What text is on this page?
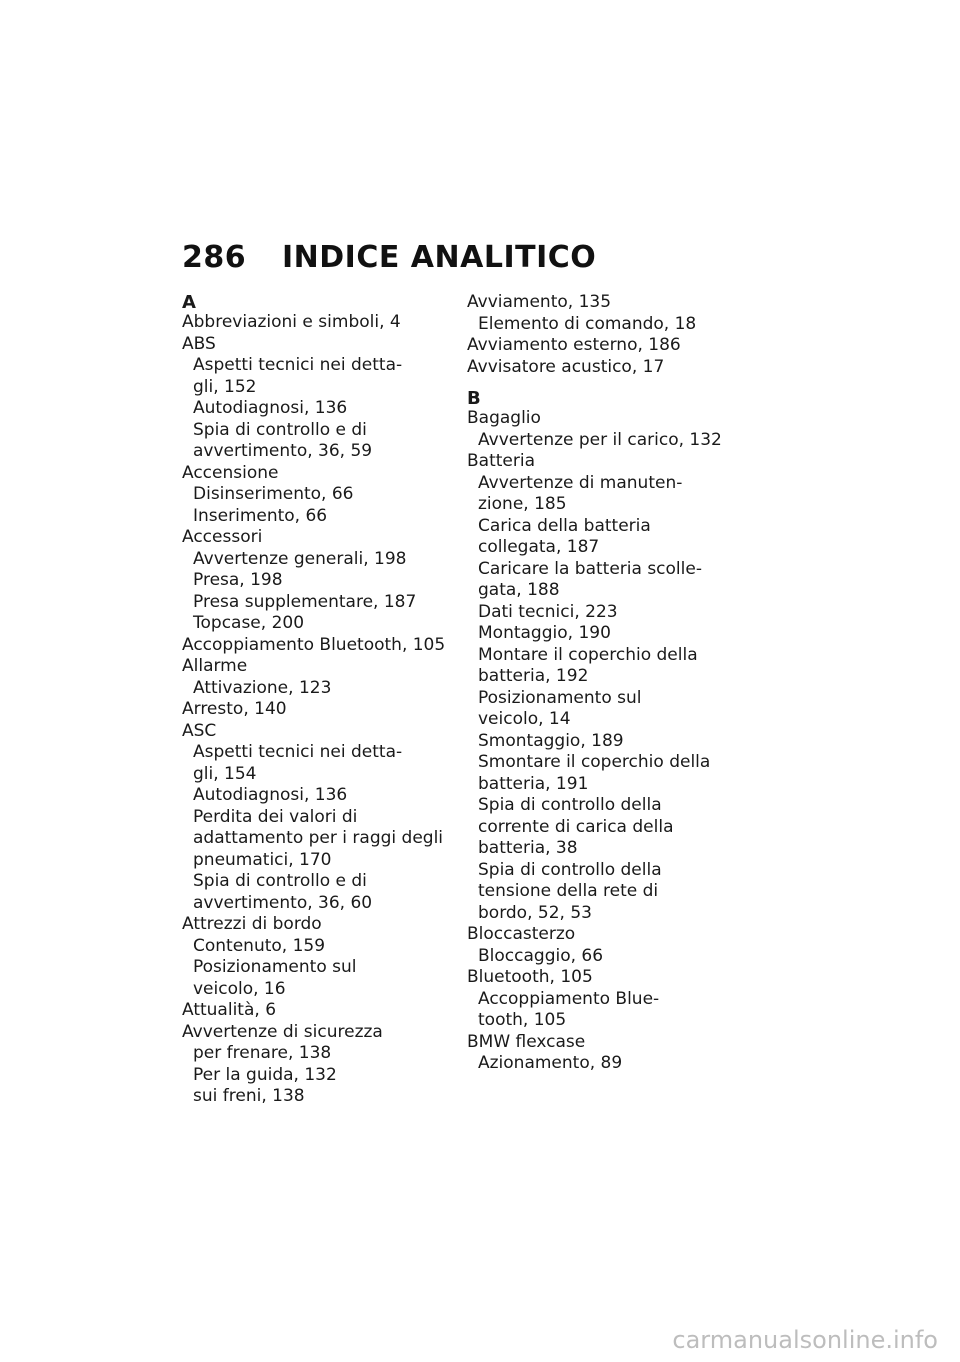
286 INDICE ANALITICO
A
Abbreviazioni e simboli, 4
ABS
Aspetti tecnici nei detta-
gli, 152
Autodiagnosi, 136
Spia di controllo e di
avvertimento, 36, 59
Accensione
Disinserimento, 66
Inserimento, 66
Accessori
Avvertenze generali, 198
Presa, 198
Presa supplementare, 187
Topcase, 200
Accoppiamento Bluetooth, 105
Allarme
Attivazione, 123
Arresto, 140
ASC
Aspetti tecnici nei detta-
gli, 154
Autodiagnosi, 136
Perdita dei valori di
adattamento per i raggi degli
pneumatici, 170
Spia di controllo e di
avvertimento, 36, 60
Attrezzi di bordo
Contenuto, 159
Posizionamento sul
veicolo, 16
Attualità, 6
Avvertenze di sicurezza
per frenare, 138
Per la guida, 132
sui freni, 138
Avviamento, 135
Elemento di comando, 18
Avviamento esterno, 186
Avvisatore acustico, 17
B
Bagaglio
Avvertenze per il carico, 132
Batteria
Avvertenze di manuten-
zione, 185
Carica della batteria
collegata, 187
Caricare la batteria scolle-
gata, 188
Dati tecnici, 223
Montaggio, 190
Montare il coperchio della
batteria, 192
Posizionamento sul
veicolo, 14
Smontaggio, 189
Smontare il coperchio della
batteria, 191
Spia di controllo della
corrente di carica della
batteria, 38
Spia di controllo della
tensione della rete di
bordo, 52, 53
Bloccasterzo
Bloccaggio, 66
Bluetooth, 105
Accoppiamento Blue-
tooth, 105
BMW flexcase
Azionamento, 89
carmanualsonline.info
